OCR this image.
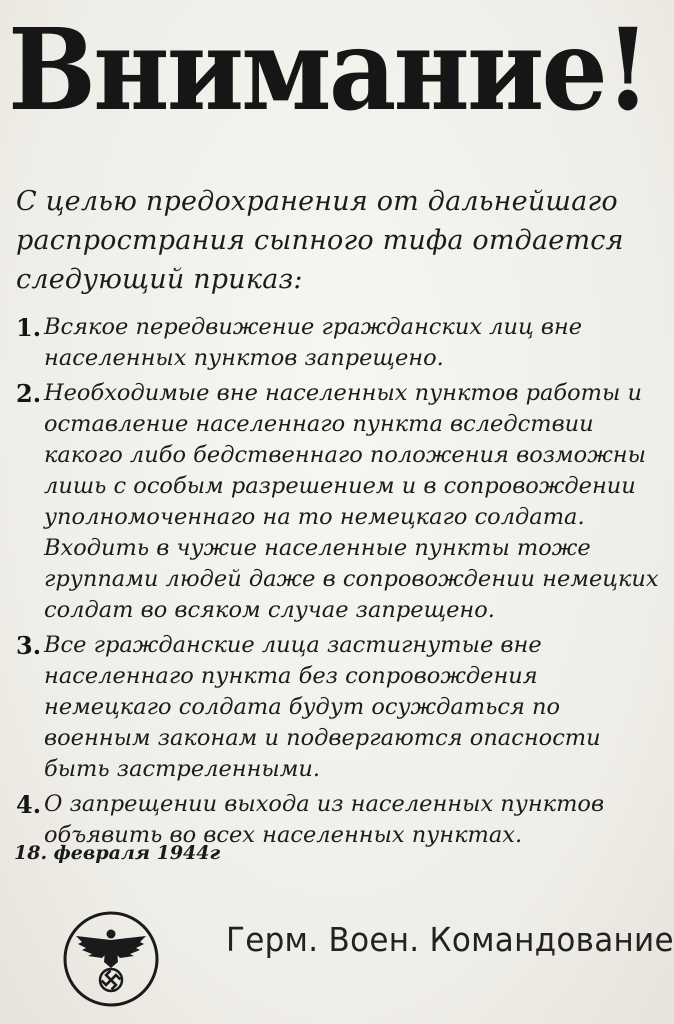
Внимание!
С целью предохранения от дальнейшаго распространия сыпного тифа отдается следующий приказ:
1. Всякое передвижение гражданских лиц вне населенных пунктов запрещено.
2. Необходимые вне населенных пунктов работы и оставление населеннаго пункта вследствии какого либо бедственнаго положения возможны лишь с особым разрешением и в сопровождении уполномоченнаго на то немецкаго солдата. Входить в чужие населенные пункты тоже группами людей даже в сопровождении немецких солдат во всяком случае запрещено.
3. Все гражданские лица застигнутые вне населеннаго пункта без сопровождения немецкаго солдата будут осуждаться по военным законам и подвергаются опасности быть застреленными.
4. О запрещении выхода из населенных пунктов объявить во всех населенных пунктах.
18. февраля 1944г
Герм. Воен. Командование
